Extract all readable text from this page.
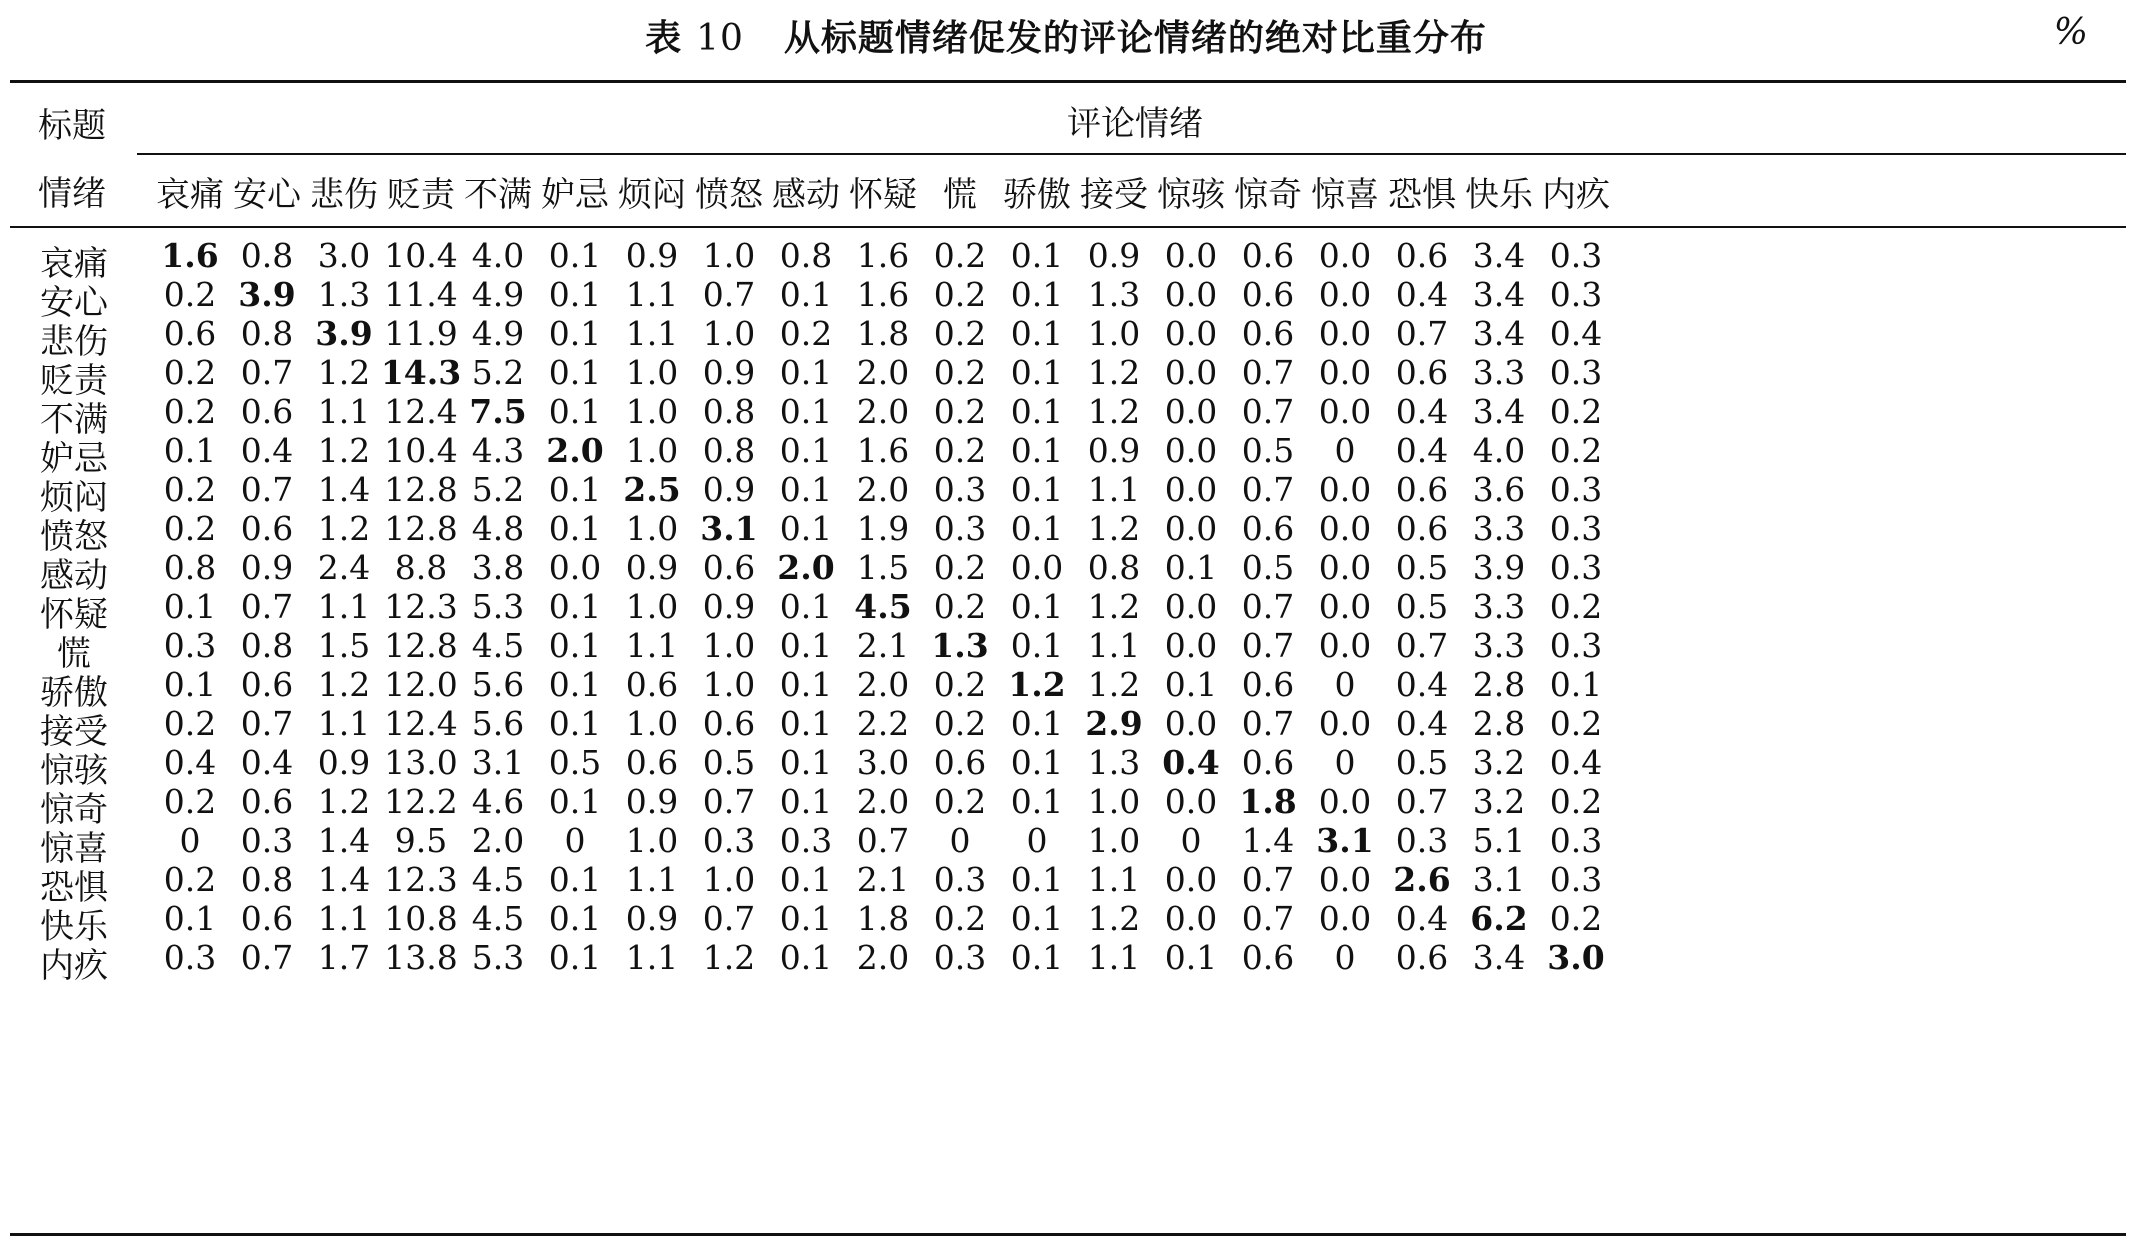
表 10 从标题情绪促发的评论情绪的绝对比重分布	%
标题
情绪
评论情绪
哀痛 安心 悲伤 贬责 不满 妒忌 烦闷 愤怒 感动 怀疑 慌 骄傲 接受 惊骇 惊奇 惊喜 恐惧 快乐 内疚
哀痛	1.6 0.8 3.0 10.4 4.0 0.1 0.9 1.0 0.8 1.6 0.2 0.1 0.9 0.0 0.6 0.0 0.6 3.4 0.3
安心	0.2 3.9 1.3 11.4 4.9 0.1 1.1 0.7 0.1 1.6 0.2 0.1 1.3 0.0 0.6 0.0 0.4 3.4 0.3
悲伤	0.6 0.8 3.9 11.9 4.9 0.1 1.1 1.0 0.2 1.8 0.2 0.1 1.0 0.0 0.6 0.0 0.7 3.4 0.4
贬责	0.2 0.7 1.2 14.3 5.2 0.1 1.0 0.9 0.1 2.0 0.2 0.1 1.2 0.0 0.7 0.0 0.6 3.3 0.3
不满	0.2 0.6 1.1 12.4 7.5 0.1 1.0 0.8 0.1 2.0 0.2 0.1 1.2 0.0 0.7 0.0 0.4 3.4 0.2
妒忌	0.1 0.4 1.2 10.4 4.3 2.0 1.0 0.8 0.1 1.6 0.2 0.1 0.9 0.0 0.5	0	0.4 4.0 0.2
烦闷	0.2 0.7 1.4 12.8 5.2 0.1 2.5 0.9 0.1 2.0 0.3 0.1 1.1 0.0 0.7 0.0 0.6 3.6 0.3
愤怒	0.2 0.6 1.2 12.8 4.8 0.1 1.0 3.1 0.1 1.9 0.3 0.1 1.2 0.0 0.6 0.0 0.6 3.3 0.3
感动	0.8 0.9 2.4 8.8 3.8 0.0 0.9 0.6 2.0 1.5 0.2 0.0 0.8 0.1 0.5 0.0 0.5 3.9 0.3
怀疑	0.1 0.7 1.1 12.3 5.3 0.1 1.0 0.9 0.1 4.5 0.2 0.1 1.2 0.0 0.7 0.0 0.5 3.3 0.2
慌	0.3 0.8 1.5 12.8 4.5 0.1 1.1 1.0 0.1 2.1 1.3 0.1 1.1 0.0 0.7 0.0 0.7 3.3 0.3
骄傲	0.1 0.6 1.2 12.0 5.6 0.1 0.6 1.0 0.1 2.0 0.2 1.2 1.2 0.1 0.6	0	0.4 2.8 0.1
接受	0.2 0.7 1.1 12.4 5.6 0.1 1.0 0.6 0.1 2.2 0.2 0.1 2.9 0.0 0.7 0.0 0.4 2.8 0.2
惊骇	0.4 0.4 0.9 13.0 3.1 0.5 0.6 0.5 0.1 3.0 0.6 0.1 1.3 0.4 0.6	0	0.5 3.2 0.4
惊奇	0.2 0.6 1.2 12.2 4.6 0.1 0.9 0.7 0.1 2.0 0.2 0.1 1.0 0.0 1.8 0.0 0.7 3.2 0.2
惊喜	0	0.3 1.4 9.5 2.0	0	1.0 0.3 0.3 0.7	0	0	1.0	0	1.4 3.1 0.3 5.1 0.3
恐惧	0.2 0.8 1.4 12.3 4.5 0.1 1.1 1.0 0.1 2.1 0.3 0.1 1.1 0.0 0.7 0.0 2.6 3.1 0.3
快乐	0.1 0.6 1.1 10.8 4.5 0.1 0.9 0.7 0.1 1.8 0.2 0.1 1.2 0.0 0.7 0.0 0.4 6.2 0.2
内疚	0.3 0.7 1.7 13.8 5.3 0.1 1.1 1.2 0.1 2.0 0.3 0.1 1.1 0.1 0.6	0	0.6 3.4 3.0
